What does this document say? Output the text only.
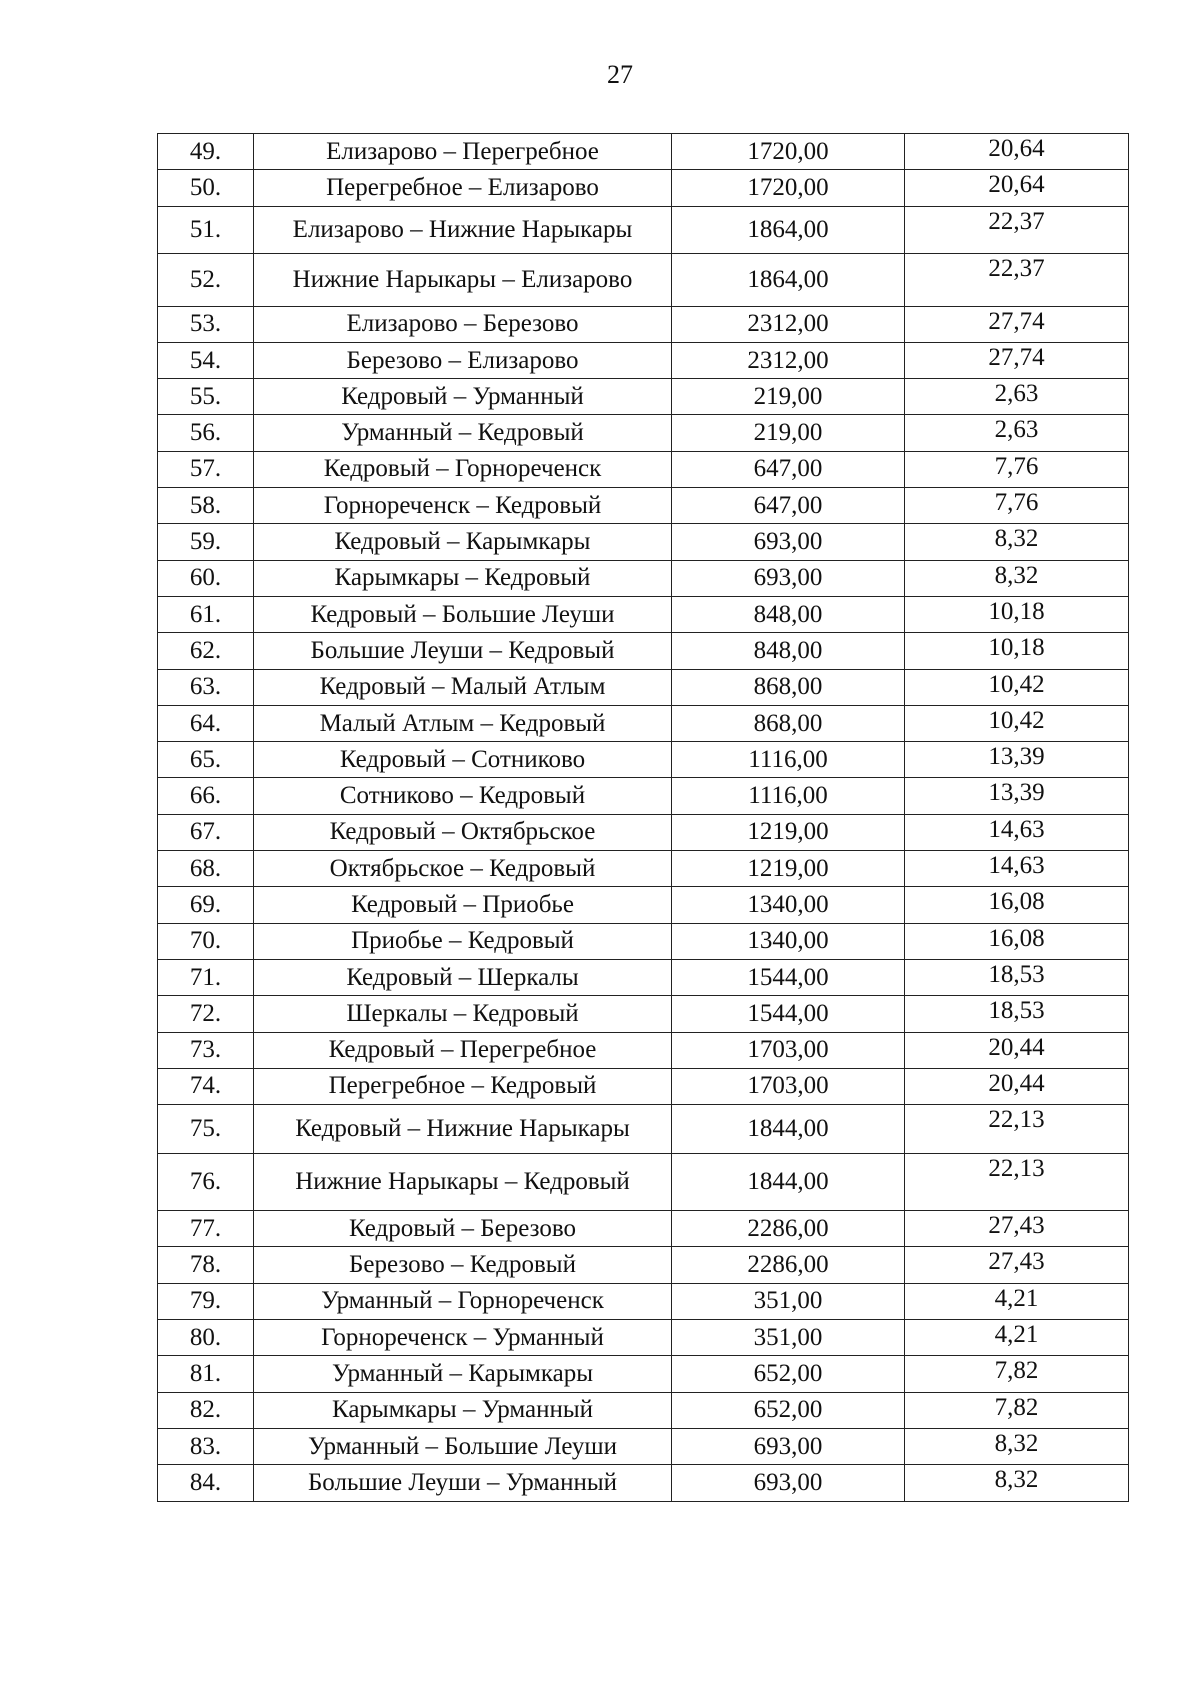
27
49.	Елизарово – Перегребное	1720,00	20,64
50.	Перегребное – Елизарово	1720,00	20,64
51.	Елизарово – Нижние Нарыкары	1864,00	22,37
52.	Нижние Нарыкары – Елизарово	1864,00	22,37
53.	Елизарово – Березово	2312,00	27,74
54.	Березово – Елизарово	2312,00	27,74
55.	Кедровый – Урманный	219,00	2,63
56.	Урманный – Кедровый	219,00	2,63
57.	Кедровый – Горнореченск	647,00	7,76
58.	Горнореченск – Кедровый	647,00	7,76
59.	Кедровый – Карымкары	693,00	8,32
60.	Карымкары – Кедровый	693,00	8,32
61.	Кедровый – Большие Леуши	848,00	10,18
62.	Большие Леуши – Кедровый	848,00	10,18
63.	Кедровый – Малый Атлым	868,00	10,42
64.	Малый Атлым – Кедровый	868,00	10,42
65.	Кедровый – Сотниково	1116,00	13,39
66.	Сотниково – Кедровый	1116,00	13,39
67.	Кедровый – Октябрьское	1219,00	14,63
68.	Октябрьское – Кедровый	1219,00	14,63
69.	Кедровый – Приобье	1340,00	16,08
70.	Приобье – Кедровый	1340,00	16,08
71.	Кедровый – Шеркалы	1544,00	18,53
72.	Шеркалы – Кедровый	1544,00	18,53
73.	Кедровый – Перегребное	1703,00	20,44
74.	Перегребное – Кедровый	1703,00	20,44
75.	Кедровый – Нижние Нарыкары	1844,00	22,13
76.	Нижние Нарыкары – Кедровый	1844,00	22,13
77.	Кедровый – Березово	2286,00	27,43
78.	Березово – Кедровый	2286,00	27,43
79.	Урманный – Горнореченск	351,00	4,21
80.	Горнореченск – Урманный	351,00	4,21
81.	Урманный – Карымкары	652,00	7,82
82.	Карымкары – Урманный	652,00	7,82
83.	Урманный – Большие Леуши	693,00	8,32
84.	Большие Леуши – Урманный	693,00	8,32
